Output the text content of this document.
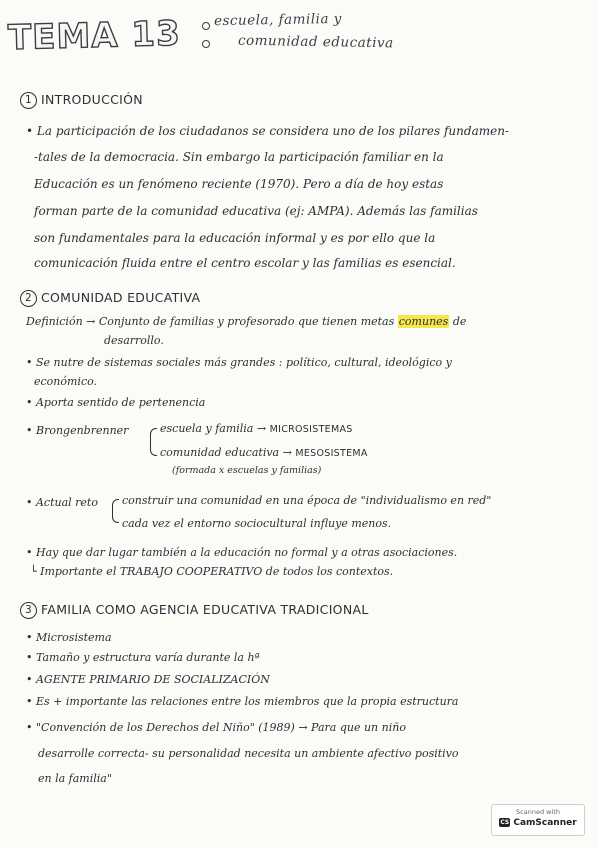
TEMA 13 escuela, familia y
comunidad educativa
1 INTRODUCCIÓN
• La participación de los ciudadanos se considera uno de los pilares fundamen-
-tales de la democracia. Sin embargo la participación familiar en la
Educación es un fenómeno reciente (1970). Pero a día de hoy estas
forman parte de la comunidad educativa (ej: AMPA). Además las familias
son fundamentales para la educación informal y es por ello que la
comunicación fluida entre el centro escolar y las familias es esencial.
2 COMUNIDAD EDUCATIVA
Definición → Conjunto de familias y profesorado que tienen metas comunes de
desarrollo.
• Se nutre de sistemas sociales más grandes : político, cultural, ideológico y
económico.
• Aporta sentido de pertenencia
• Brongenbrenner	escuela y familia → MICROSISTEMAS
comunidad educativa → MESOSISTEMA
(formada x escuelas y familias)
• Actual reto construir una comunidad en una época de "individualismo en red"
cada vez el entorno sociocultural influye menos.
• Hay que dar lugar también a la educación no formal y a otras asociaciones.
└ Importante el TRABAJO COOPERATIVO de todos los contextos.
3 FAMILIA COMO AGENCIA EDUCATIVA TRADICIONAL
• Microsistema
• Tamaño y estructura varía durante la hª
• AGENTE PRIMARIO DE SOCIALIZACIÓN
• Es + importante las relaciones entre los miembros que la propia estructura
• "Convención de los Derechos del Niño" (1989) → Para que un niño
desarrolle correcta- su personalidad necesita un ambiente afectivo positivo
en la familia"
Scanned with
CS CamScanner
